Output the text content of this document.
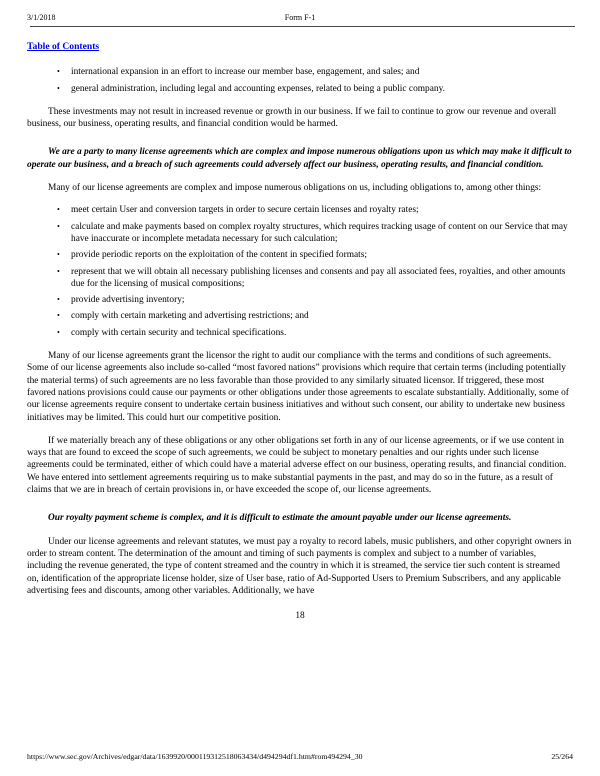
3/1/2018	Form F-1
Table of Contents
•	international expansion in an effort to increase our member base, engagement, and sales; and
•	general administration, including legal and accounting expenses, related to being a public company.

These investments may not result in increased revenue or growth in our business. If we fail to continue to grow our revenue and overall business, our business, operating results, and financial condition would be harmed.

We are a party to many license agreements which are complex and impose numerous obligations upon us which may make it difficult to operate our business, and a breach of such agreements could adversely affect our business, operating results, and financial condition.

Many of our license agreements are complex and impose numerous obligations on us, including obligations to, among other things:

•	meet certain User and conversion targets in order to secure certain licenses and royalty rates;
•	calculate and make payments based on complex royalty structures, which requires tracking usage of content on our Service that may have inaccurate or incomplete metadata necessary for such calculation;
•	provide periodic reports on the exploitation of the content in specified formats;
•	represent that we will obtain all necessary publishing licenses and consents and pay all associated fees, royalties, and other amounts due for the licensing of musical compositions;
•	provide advertising inventory;
•	comply with certain marketing and advertising restrictions; and
•	comply with certain security and technical specifications.

Many of our license agreements grant the licensor the right to audit our compliance with the terms and conditions of such agreements. Some of our license agreements also include so-called “most favored nations” provisions which require that certain terms (including potentially the material terms) of such agreements are no less favorable than those provided to any similarly situated licensor. If triggered, these most favored nations provisions could cause our payments or other obligations under those agreements to escalate substantially. Additionally, some of our license agreements require consent to undertake certain business initiatives and without such consent, our ability to undertake new business initiatives may be limited. This could hurt our competitive position.

If we materially breach any of these obligations or any other obligations set forth in any of our license agreements, or if we use content in ways that are found to exceed the scope of such agreements, we could be subject to monetary penalties and our rights under such license agreements could be terminated, either of which could have a material adverse effect on our business, operating results, and financial condition. We have entered into settlement agreements requiring us to make substantial payments in the past, and may do so in the future, as a result of claims that we are in breach of certain provisions in, or have exceeded the scope of, our license agreements.

Our royalty payment scheme is complex, and it is difficult to estimate the amount payable under our license agreements.

Under our license agreements and relevant statutes, we must pay a royalty to record labels, music publishers, and other copyright owners in order to stream content. The determination of the amount and timing of such payments is complex and subject to a number of variables, including the revenue generated, the type of content streamed and the country in which it is streamed, the service tier such content is streamed on, identification of the appropriate license holder, size of User base, ratio of Ad-Supported Users to Premium Subscribers, and any applicable advertising fees and discounts, among other variables. Additionally, we have

18
https://www.sec.gov/Archives/edgar/data/1639920/000119312518063434/d494294df1.htm#rom494294_30	25/264
